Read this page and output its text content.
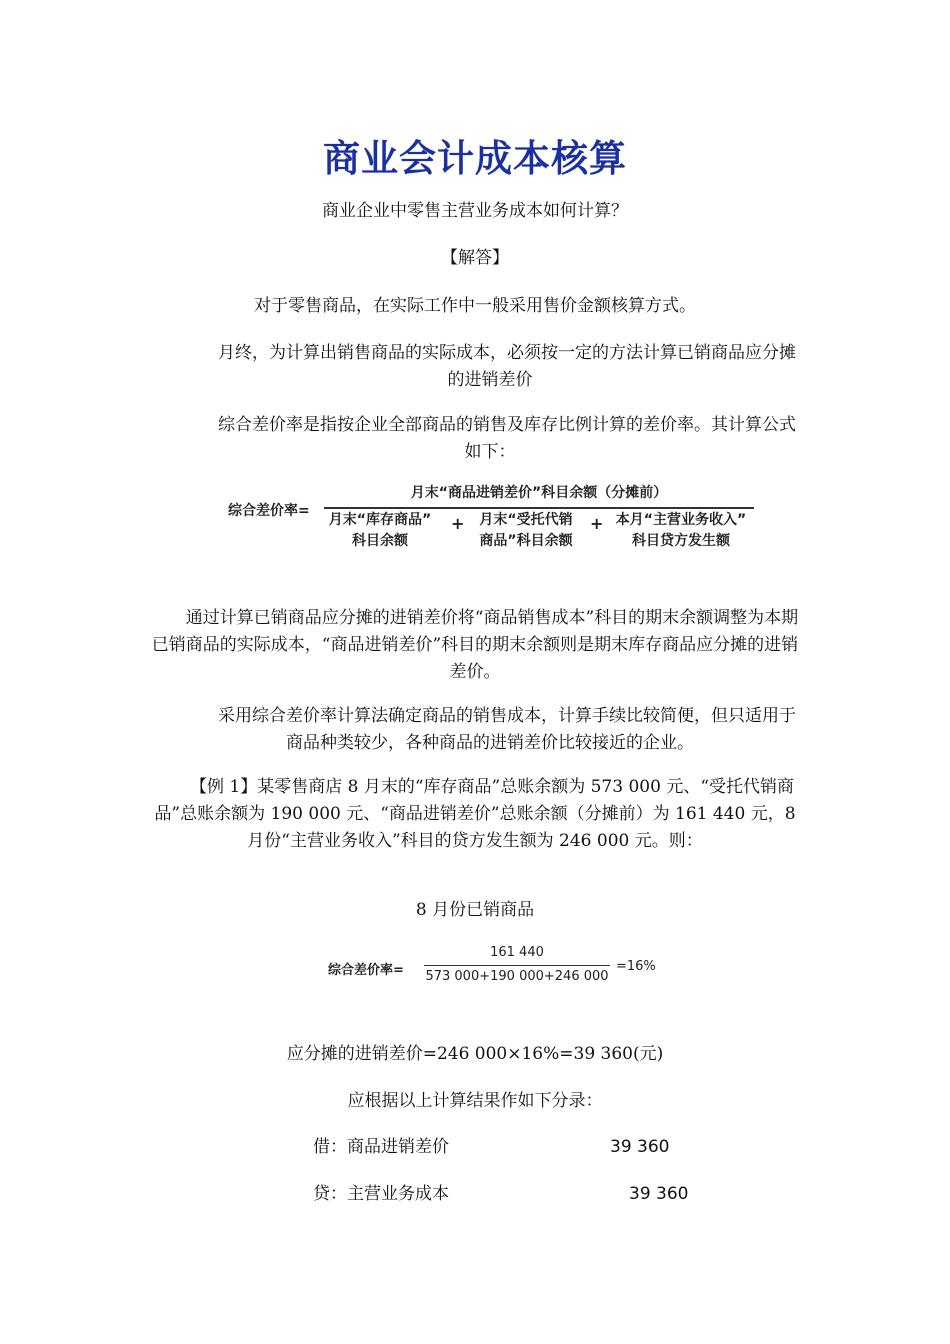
商业会计成本核算
商业企业中零售主营业务成本如何计算？
【解答】
对于零售商品，在实际工作中一般采用售价金额核算方式。
月终，为计算出销售商品的实际成本，必须按一定的方法计算已销商品应分摊的进销差价
综合差价率是指按企业全部商品的销售及库存比例计算的差价率。其计算公式如下：
综合差价率=
月末“商品进销差价”科目余额（分摊前）
月末“库存商品”
科目余额
+	月末“受托代销
商品”科目余额
+ 本月“主营业务收入”
科目贷方发生额
通过计算已销商品应分摊的进销差价将“商品销售成本”科目的期末余额调整为本期已销商品的实际成本，“商品进销差价”科目的期末余额则是期末库存商品应分摊的进销差价。
采用综合差价率计算法确定商品的销售成本，计算手续比较简便，但只适用于商品种类较少，各种商品的进销差价比较接近的企业。
【例 1】某零售商店 8 月末的“库存商品”总账余额为 573 000 元、“受托代销商品”总账余额为 190 000 元、“商品进销差价”总账余额（分摊前）为 161 440 元，8 月份“主营业务收入”科目的贷方发生额为 246 000 元。则：
8 月份已销商品
综合差价率=
161 440
573 000+190 000+246 000
=16%
应分摊的进销差价=246 000×16%=39 360(元)
应根据以上计算结果作如下分录：
借：商品进销差价	39 360
贷：主营业务成本	39 360
